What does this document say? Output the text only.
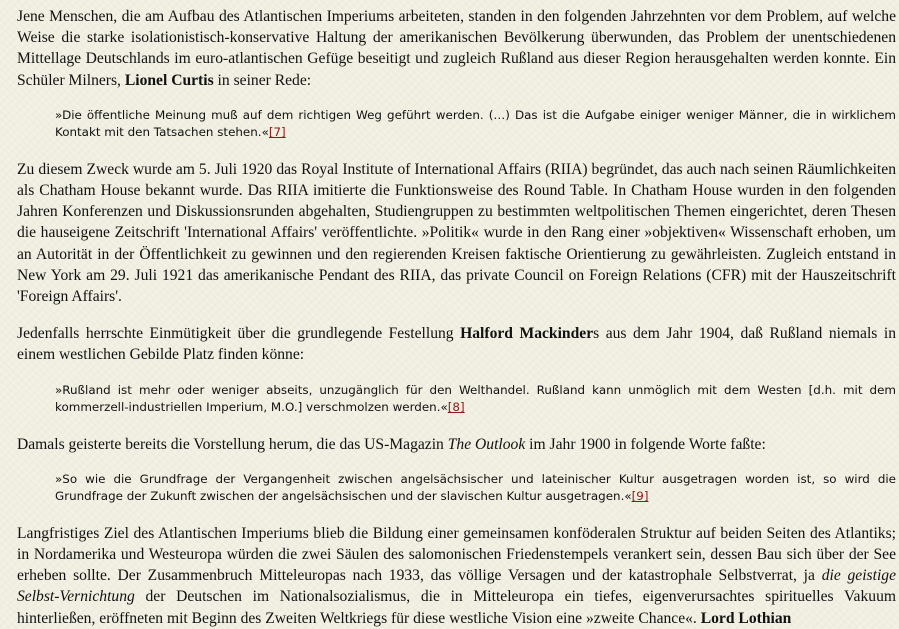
Jene Menschen, die am Aufbau des Atlantischen Imperiums arbeiteten, standen in den folgenden Jahrzehnten vor dem Problem, auf welche Weise die starke isolationistisch-konservative Haltung der amerikanischen Bevölkerung überwunden, das Problem der unentschiedenen Mittellage Deutschlands im euro-atlantischen Gefüge beseitigt und zugleich Rußland aus dieser Region herausgehalten werden konnte. Ein Schüler Milners, Lionel Curtis in seiner Rede:

»Die öffentliche Meinung muß auf dem richtigen Weg geführt werden. (…) Das ist die Aufgabe einiger weniger Männer, die in wirklichem Kontakt mit den Tatsachen stehen.«[7]

Zu diesem Zweck wurde am 5. Juli 1920 das Royal Institute of International Affairs (RIIA) begründet, das auch nach seinen Räumlichkeiten als Chatham House bekannt wurde. Das RIIA imitierte die Funktionsweise des Round Table. In Chatham House wurden in den folgenden Jahren Konferenzen und Diskussionsrunden abgehalten, Studiengruppen zu bestimmten weltpolitischen Themen eingerichtet, deren Thesen die hauseigene Zeitschrift 'International Affairs' veröffentlichte. »Politik« wurde in den Rang einer »objektiven« Wissenschaft erhoben, um an Autorität in der Öffentlichkeit zu gewinnen und den regierenden Kreisen faktische Orientierung zu gewährleisten. Zugleich entstand in New York am 29. Juli 1921 das amerikanische Pendant des RIIA, das private Council on Foreign Relations (CFR) mit der Hauszeitschrift 'Foreign Affairs'.

Jedenfalls herrschte Einmütigkeit über die grundlegende Festellung Halford Mackinders aus dem Jahr 1904, daß Rußland niemals in einem westlichen Gebilde Platz finden könne:

»Rußland ist mehr oder weniger abseits, unzugänglich für den Welthandel. Rußland kann unmöglich mit dem Westen [d.h. mit dem kommerzell-industriellen Imperium, M.O.] verschmolzen werden.«[8]

Damals geisterte bereits die Vorstellung herum, die das US-Magazin The Outlook im Jahr 1900 in folgende Worte faßte:

»So wie die Grundfrage der Vergangenheit zwischen angelsächsischer und lateinischer Kultur ausgetragen worden ist, so wird die Grundfrage der Zukunft zwischen der angelsächsischen und der slavischen Kultur ausgetragen.«[9]

Langfristiges Ziel des Atlantischen Imperiums blieb die Bildung einer gemeinsamen konföderalen Struktur auf beiden Seiten des Atlantiks; in Nordamerika und Westeuropa würden die zwei Säulen des salomonischen Friedenstempels verankert sein, dessen Bau sich über der See erheben sollte. Der Zusammenbruch Mitteleuropas nach 1933, das völlige Versagen und der katastrophale Selbstverrat, ja die geistige Selbst-Vernichtung der Deutschen im Nationalsozialismus, die in Mitteleuropa ein tiefes, eigenverursachtes spirituelles Vakuum hinterließen, eröffneten mit Beginn des Zweiten Weltkriegs für diese westliche Vision eine »zweite Chance«. Lord Lothian
